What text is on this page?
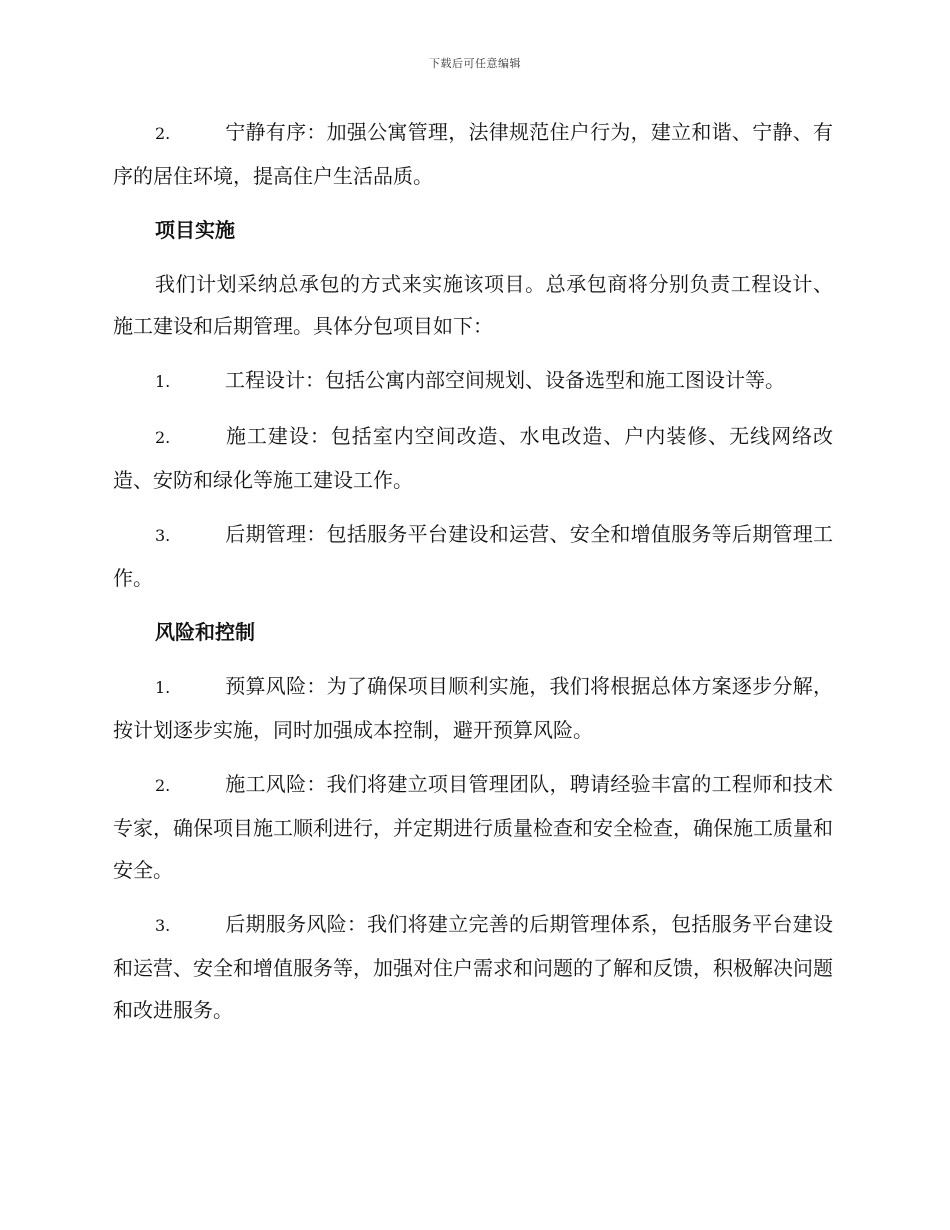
下载后可任意编辑

2.	宁静有序：加强公寓管理，法律规范住户行为，建立和谐、宁静、有序的居住环境，提高住户生活品质。

项目实施

我们计划采纳总承包的方式来实施该项目。总承包商将分别负责工程设计、施工建设和后期管理。具体分包项目如下：

1.	工程设计：包括公寓内部空间规划、设备选型和施工图设计等。

2.	施工建设：包括室内空间改造、水电改造、户内装修、无线网络改造、安防和绿化等施工建设工作。

3.	后期管理：包括服务平台建设和运营、安全和增值服务等后期管理工作。

风险和控制

1.	预算风险：为了确保项目顺利实施，我们将根据总体方案逐步分解，按计划逐步实施，同时加强成本控制，避开预算风险。

2.	施工风险：我们将建立项目管理团队，聘请经验丰富的工程师和技术专家，确保项目施工顺利进行，并定期进行质量检查和安全检查，确保施工质量和安全。

3.	后期服务风险：我们将建立完善的后期管理体系，包括服务平台建设和运营、安全和增值服务等，加强对住户需求和问题的了解和反馈，积极解决问题和改进服务。
